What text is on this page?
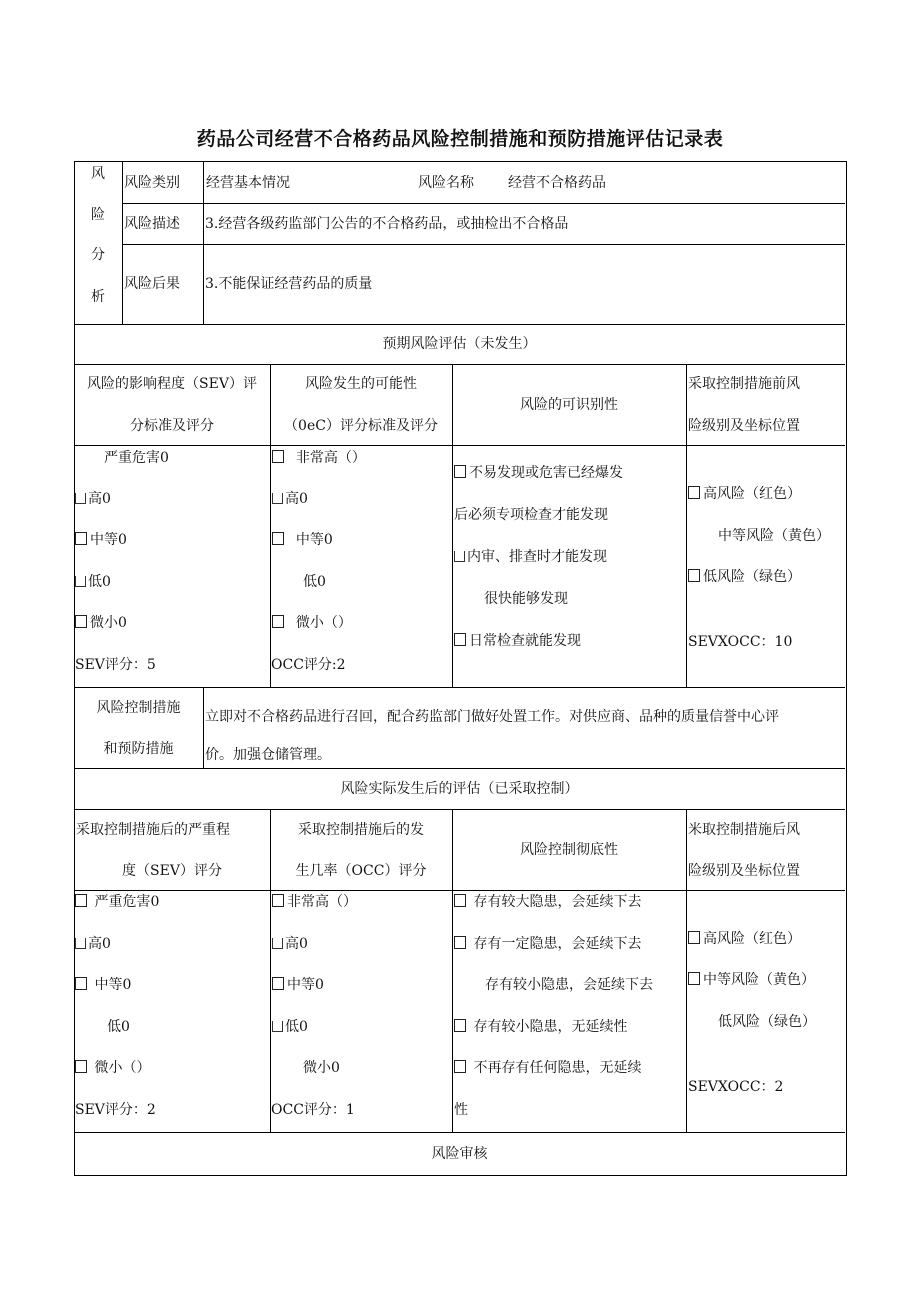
药品公司经营不合格药品风险控制措施和预防措施评估记录表
风
险
分
析
风险类别 经营基本情况	风险名称 经营不合格药品
风险描述 3.经营各级药监部门公告的不合格药品，或抽检出不合格品
风险后果 3.不能保证经营药品的质量
预期风险评估（未发生）
风险的影响程度（SEV）评
分标准及评分
风险发生的可能性
（0eC）评分标准及评分
风险的可识别性
采取控制措施前风
险级别及坐标位置
严重危害0
高0
中等0
低0
微小0
SEV评分：5
非常高（）
高0
中等0
低0
微小（）
OCC评分:2
不易发现或危害已经爆发
后必须专项检查才能发现
内审、排查时才能发现
很快能够发现
日常检查就能发现
高风险（红色）
中等风险（黄色）
低风险（绿色）
SEVXOCC：10
风险控制措施
和预防措施
立即对不合格药品进行召回，配合药监部门做好处置工作。对供应商、品种的质量信誉中心评
价。加强仓储管理。
风险实际发生后的评估（已采取控制）
采取控制措施后的严重程
度（SEV）评分
采取控制措施后的发
生几率（OCC）评分
风险控制彻底性
米取控制措施后风
险级别及坐标位置
严重危害0
高0
中等0
低0
微小（）
SEV评分：2
非常高（）
高0
中等0
低0
微小0
OCC评分：1
存有较大隐患，会延续下去
存有一定隐患，会延续下去
存有较小隐患，会延续下去
存有较小隐患，无延续性
不再存有任何隐患，无延续
性
高风险（红色）
中等风险（黄色）
低风险（绿色）
SEVXOCC：2
风险审核
